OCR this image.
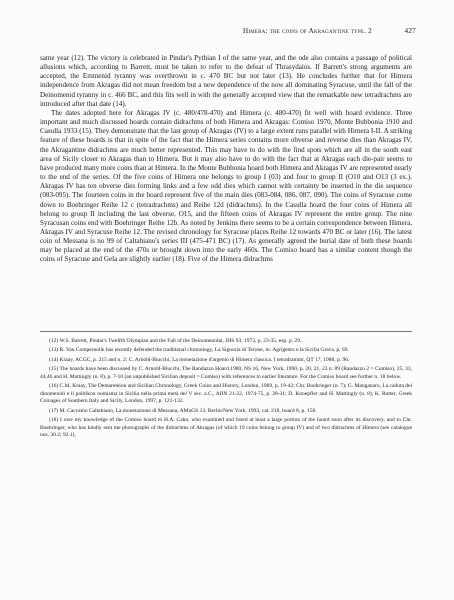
Himera: the coins of Akragantine type. 2	427

same year (12). The victory is celebrated in Pindar's Pythian I of the same year, and the ode also contains a passage of political allusions which, according to Barrett, must be taken to refer to the defeat of Thrasydaios. If Barrett's strong arguments are accepted, the Emmenid tyranny was overthrown in c. 470 BC but not later (13). He concludes further that for Himera independence from Akragas did not mean freedom but a new dependence of the now all dominating Syracuse, until the fall of the Deinomenid tyranny in c. 466 BC, and this fits well in with the generally accepted view that the remarkable new tetradrachms are introduced after that date (14).

The dates adopted here for Akragas IV (c. 480/478-470) and Himera (c. 480-470) fit well with hoard evidence. Three important and much discussed hoards contain didrachms of both Himera and Akragas: Comiso 1970, Monte Bubbonia 1910 and Casulla 1933 (15). They demonstrate that the last group of Akragas (IV) to a large extent runs parallel with Himera I-II. A striking feature of these hoards is that in spite of the fact that the Himera series contains more obverse and reverse dies than Akragas IV, the Akragantine didrachms are much better represented. This may have to do with the find spots which are all in the south east area of Sicily closer to Akragas than to Himera. But it may also have to do with the fact that at Akragas each die-pair seems to have produced many more coins than at Himera. In the Monte Bubbonia hoard both Himera and Akragas IV are represented nearly to the end of the series. Of the five coins of Himera one belongs to group I (03) and four to group II (O10 and O13 (3 ex.). Akragas IV has ten obverse dies forming links and a few odd dies which cannot with certainty be inserted in the die sequence (083-095). The fourteen coins in the hoard represent five of the main dies (083-084, 086, 087, 090). The coins of Syracuse come down to Boehringer Reihe 12 c (tetradrachms) and Reihe 12d (didrachms). In the Casulla hoard the four coins of Himera all belong to group II including the last obverse, O15, and the fifteen coins of Akragas IV represent the entire group. The nine Syracusan coins end with Boehringer Reihe 12b. As noted by Jenkins there seems to be a certain correspondence between Himera, Akragas IV and Syracuse Reihe 12. The revised chronology for Syracuse places Reihe 12 towards 470 BC or later (16). The latest coin of Messana is no 99 of Caltabiano's series III (475-471 BC) (17). As generally agreed the burial date of both these hoards may be placed at the end of the 470s or brought down into the early 460s. The Comiso hoard has a similar content though the coins of Syracuse and Gela are slightly earlier (18). Five of the Himera didrachms

(12) W.S. Barrett, Pindar's Twelfth Olympian and the Fall of the Deinomenidai, JHS 93, 1973, p. 23-35, esp. p. 29.

(13) R. Van Compernolle has recently defended the traditional chronology, La Signoria di Terone, in: Agrigento e la Sicilia Greca, p. 69.

(14) Kraay, ACGC, p. 215 and n. 2; C. Arnold-Biucchi, La monetazione d'argento di Himera classica. I tetradrammi, QT 17, 1988, p. 96.

(15) The hoards have been discussed by C. Arnold-Biucchi, The Randazzo Hoard 1980, NS 16, New York, 1990, p. 20, 21, 23 n. 89 (Randazzo 2 = Comiso), 25, 33, 44,46 and H. Mattingly (n. 8), p. 7-10 (an unpublished Sicilian deposit = Comiso) with references to earlier literature. For the Comiso hoard see further n. 18 below.

(16) C.M. Kraay, The Demareteion and Sicilian Chronology, Greek Coins and History, London, 1969, p. 19-42; Chr. Boehringer (n. 7); G. Manganaro, La caduta dei dinomenidi e il politikon nomisma in Sicilia nella prima metà del V sec. a.C., AIIN 21-22, 1974-75, p. 28-31; D. Knoepfler and H. Mattingly (n. 8); K. Rutter, Greek Coinages of Southern Italy and Sicily, London, 1997, p. 121-132.

(17) M. Caccamo Caltabiano, La monetazione di Messana, AMuGS 13, Berlin/New York, 1993, cat. 218, hoard 8, p. 158.

(18) I owe my knowledge of the Comiso hoard to H.A. Cahn, who examined and listed at least a large portion of the hoard soon after its discovery, and to Chr. Boehringer, who has kindly sent me photographs of the didrachms of Akragas (of which 19 coins belong to group IV) and of two didrachms of Himera (see catalogue nos. 30.2; 92.1),
